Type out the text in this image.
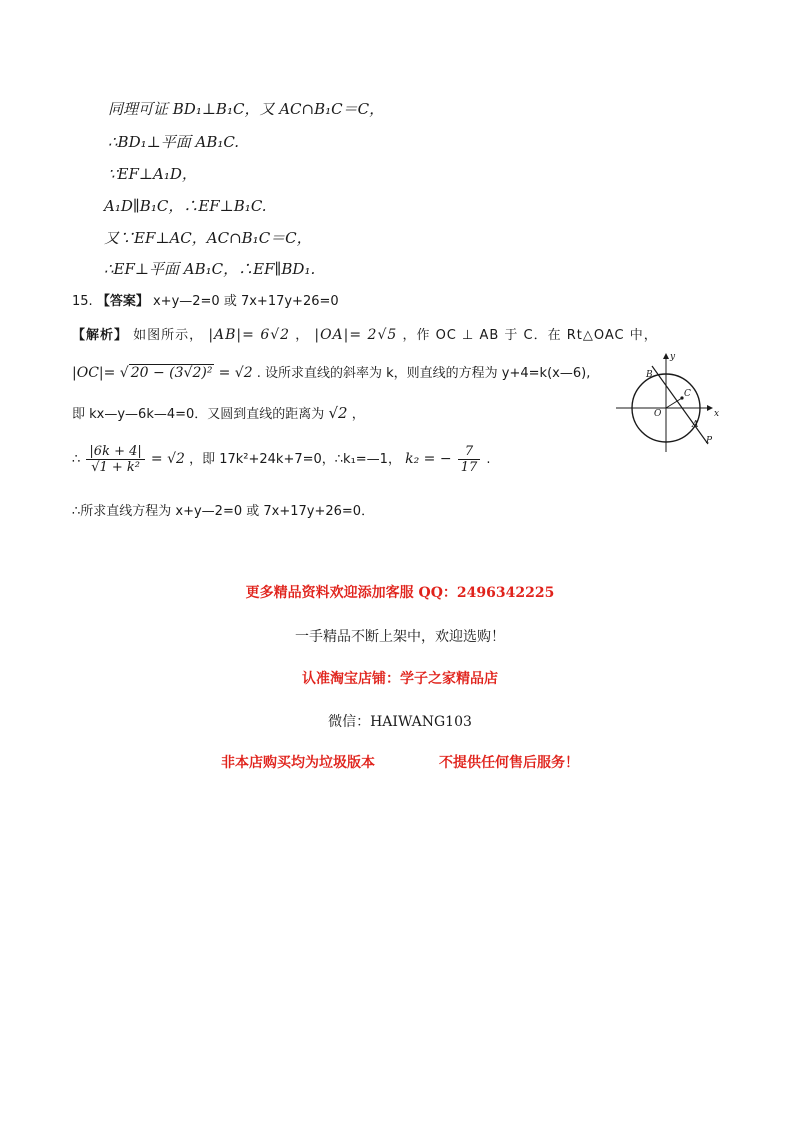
同理可证 BD₁⊥B₁C，又 AC∩B₁C＝C，
∴BD₁⊥平面 AB₁C.
∵EF⊥A₁D，
A₁D∥B₁C，∴EF⊥B₁C.
又∵EF⊥AC，AC∩B₁C＝C，
∴EF⊥平面 AB₁C，∴EF∥BD₁.
15. 【答案】 x+y—2=0 或 7x+17y+26=0
【解析】 如图所示， |AB|= 6√2 ， |OA|= 2√5 ，作 OC ⊥ AB 于 C．在 Rt△OAC 中，
|OC|= √ 20 − (3√2)² = √2 . 设所求直线的斜率为 k，则直线的方程为 y+4=k(x—6),
即 kx—y—6k—4=0．又圆到直线的距离为 √2 ，
∴ $\frac{|6k + 4|}{\text{√1 + k²}} = √2$ ，即 17k²+24k+7=0，∴k₁=—1， k₂ = − $\frac{7}{17}$ .
∴所求直线方程为 x+y—2=0 或 7x+17y+26=0．
y
B
C
O	x
A
P
更多精品资料欢迎添加客服 QQ：2496342225
一手精品不断上架中，欢迎选购！
认准淘宝店铺：学子之家精品店
微信：HAIWANG103
非本店购买均为垃圾版本	不提供任何售后服务！
